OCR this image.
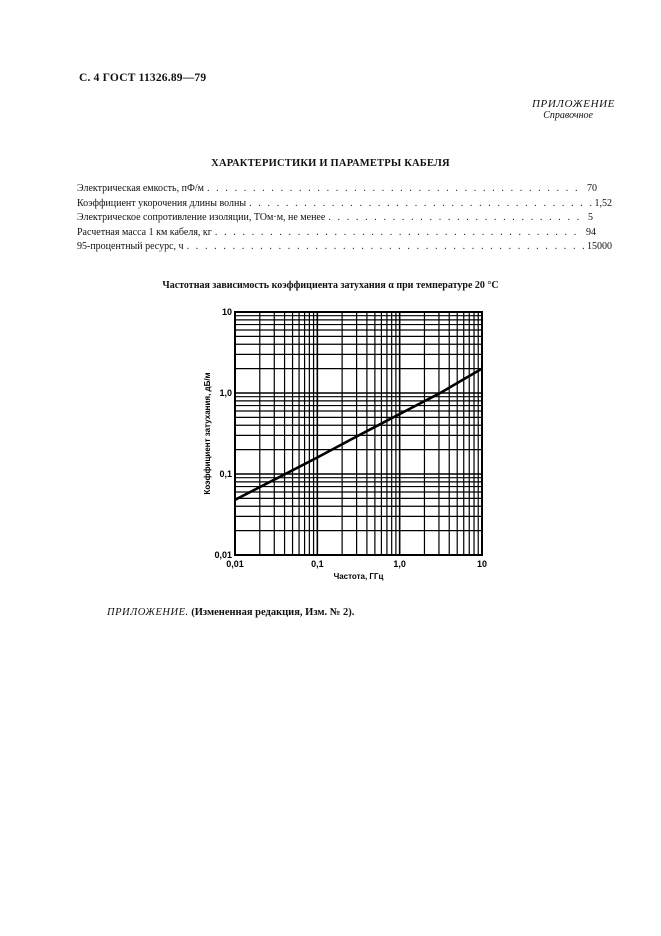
С. 4 ГОСТ 11326.89—79
ПРИЛОЖЕНИЕ
Справочное
ХАРАКТЕРИСТИКИ И ПАРАМЕТРЫ КАБЕЛЯ
Электрическая емкость, пФ/м . . .	70
Коэффициент укорочения длины волны . . .	1,52
Электрическое сопротивление изоляции, ТОм·м, не менее . . .	5
Расчетная масса 1 км кабеля, кг . . .	94
95-процентный ресурс, ч . . .	15000
Частотная зависимость коэффициента затухания α при температуре 20 °С
0,01	0,1	1,0	10
10
1,0
0,1
0,01
Частота, ГГц
Коэффициент затухания, дБ/м
ПРИЛОЖЕНИЕ. (Измененная редакция, Изм. № 2).
